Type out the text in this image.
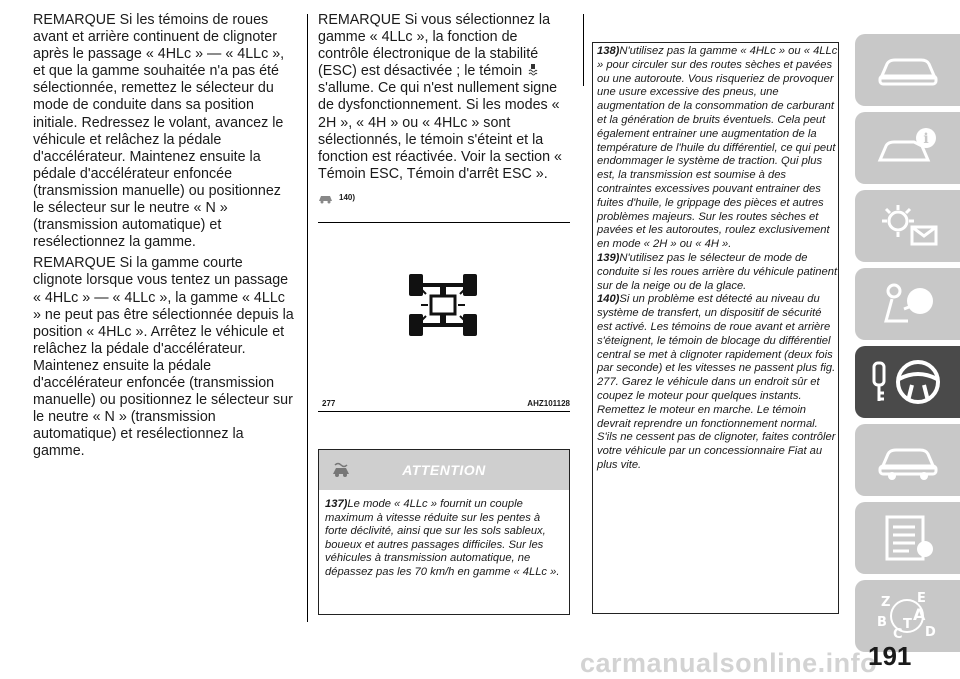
REMARQUE Si les témoins de roues avant et arrière continuent de clignoter après le passage « 4HLc » — « 4LLc », et que la gamme souhaitée n'a pas été sélectionnée, remettez le sélecteur du mode de conduite dans sa position initiale. Redressez le volant, avancez le véhicule et relâchez la pédale d'accélérateur. Maintenez ensuite la pédale d'accélérateur enfoncée (transmission manuelle) ou positionnez le sélecteur sur le neutre « N » (transmission automatique) et resélectionnez la gamme.

REMARQUE Si la gamme courte clignote lorsque vous tentez un passage « 4HLc » — « 4LLc », la gamme « 4LLc » ne peut pas être sélectionnée depuis la position « 4HLc ». Arrêtez le véhicule et relâchez la pédale d'accélérateur. Maintenez ensuite la pédale d'accélérateur enfoncée (transmission manuelle) ou positionnez le sélecteur sur le neutre « N » (transmission automatique) et resélectionnez la gamme.

REMARQUE Si vous sélectionnez la gamme « 4LLc », la fonction de contrôle électronique de la stabilité (ESC) est désactivée ; le témoin  s'allume. Ce qui n'est nullement signe de dysfonctionnement. Si les modes « 2H », « 4H » ou « 4HLc » sont sélectionnés, le témoin s'éteint et la fonction est réactivée. Voir la section « Témoin ESC, Témoin d'arrêt ESC ».

140)
277	AHZ101128
ATTENTION
137)Le mode « 4LLc » fournit un couple maximum à vitesse réduite sur les pentes à forte déclivité, ainsi que sur les sols sableux, boueux et autres passages difficiles. Sur les véhicules à transmission automatique, ne dépassez pas les 70 km/h en gamme « 4LLc ».

138)N'utilisez pas la gamme « 4HLc » ou « 4LLc » pour circuler sur des routes sèches et pavées ou une autoroute. Vous risqueriez de provoquer une usure excessive des pneus, une augmentation de la consommation de carburant et la génération de bruits éventuels. Cela peut également entrainer une augmentation de la température de l'huile du différentiel, ce qui peut endommager le système de traction. Qui plus est, la transmission est soumise à des contraintes excessives pouvant entrainer des fuites d'huile, le grippage des pièces et autres problèmes majeurs. Sur les routes sèches et pavées et les autoroutes, roulez exclusivement en mode « 2H » ou « 4H ».

139)N'utilisez pas le sélecteur de mode de conduite si les roues arrière du véhicule patinent sur de la neige ou de la glace.

140)Si un problème est détecté au niveau du système de transfert, un dispositif de sécurité est activé. Les témoins de roue avant et arrière s'éteignent, le témoin de blocage du différentiel central se met à clignoter rapidement (deux fois par seconde) et les vitesses ne passent plus fig. 277. Garez le véhicule dans un endroit sûr et coupez le moteur pour quelques instants. Remettez le moteur en marche. Le témoin devrait reprendre un fonctionnement normal. S'ils ne cessent pas de clignoter, faites contrôler votre véhicule par un concessionnaire Fiat au plus vite.

i
Z E
A
B
C
T
D
carmanualsonline.info
191
